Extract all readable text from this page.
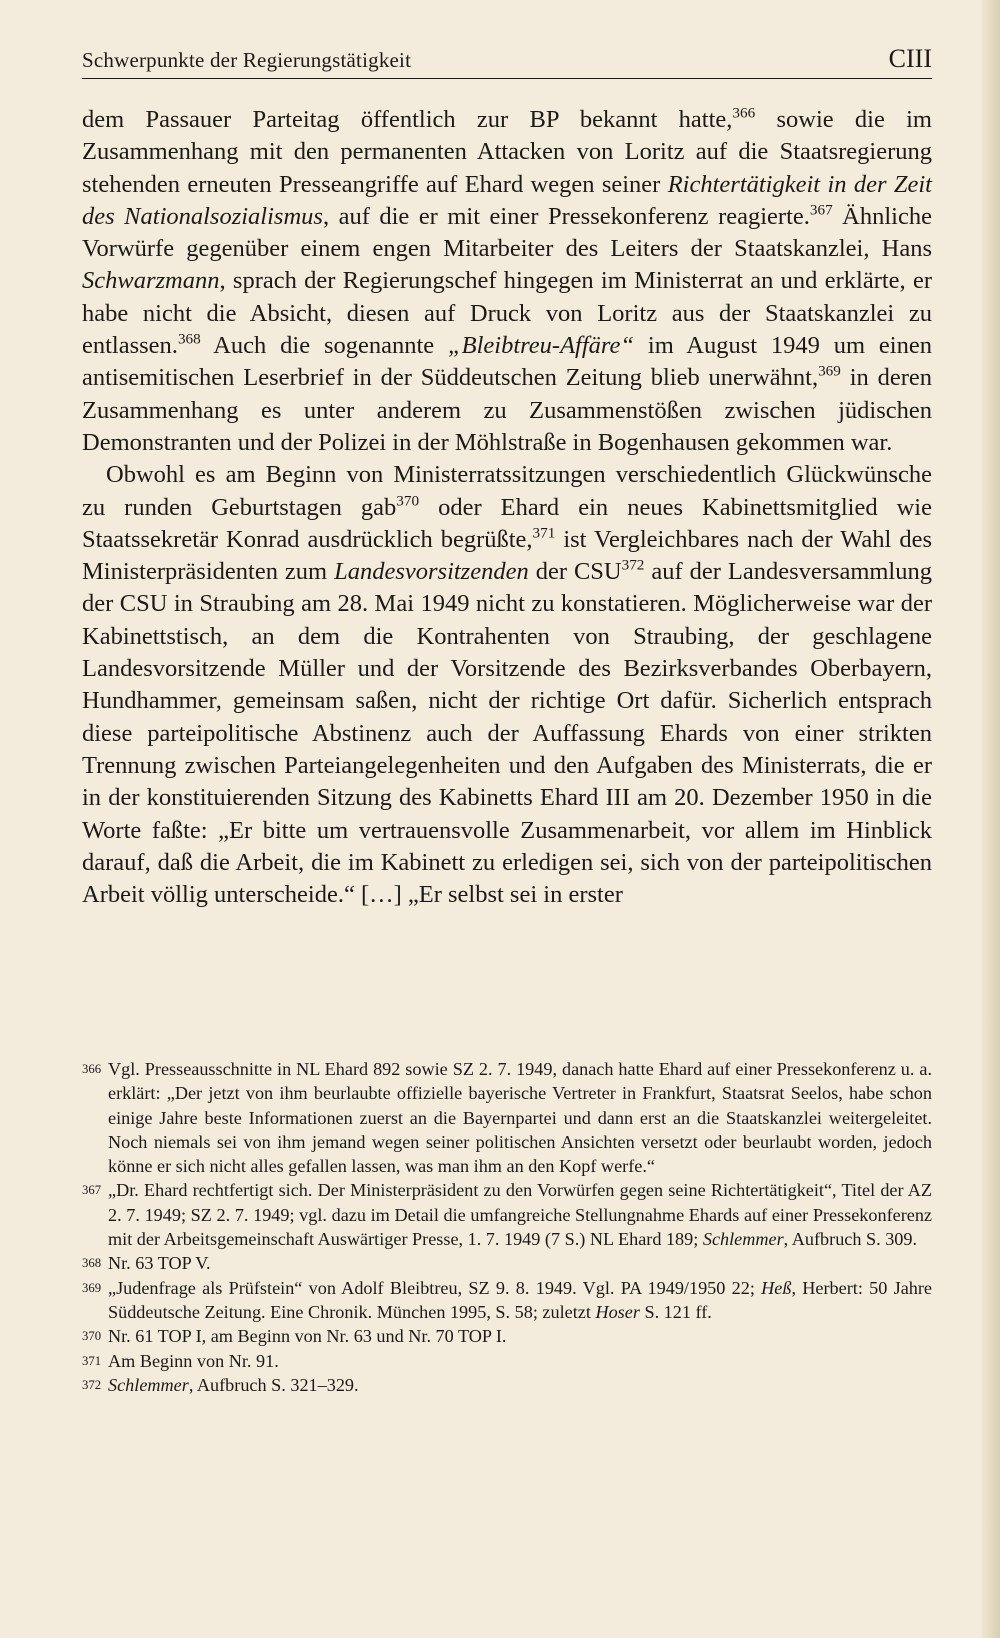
Schwerpunkte der Regierungstätigkeit	CIII

dem Passauer Parteitag öffentlich zur BP bekannt hatte,$^{366}$ sowie die im Zusammenhang mit den permanenten Attacken von Loritz auf die Staatsregierung stehenden erneuten Presseangriffe auf Ehard wegen seiner Richtertätigkeit in der Zeit des Nationalsozialismus, auf die er mit einer Pressekonferenz reagierte.$^{367}$ Ähnliche Vorwürfe gegenüber einem engen Mitarbeiter des Leiters der Staatskanzlei, Hans Schwarzmann, sprach der Regierungschef hingegen im Ministerrat an und erklärte, er habe nicht die Absicht, diesen auf Druck von Loritz aus der Staatskanzlei zu entlassen.$^{368}$ Auch die sogenannte „Bleibtreu-Affäre“ im August 1949 um einen antisemitischen Leserbrief in der Süddeutschen Zeitung blieb unerwähnt,$^{369}$ in deren Zusammenhang es unter anderem zu Zusammenstößen zwischen jüdischen Demonstranten und der Polizei in der Möhlstraße in Bogenhausen gekommen war.

Obwohl es am Beginn von Ministerratssitzungen verschiedentlich Glückwünsche zu runden Geburtstagen gab$^{370}$ oder Ehard ein neues Kabinettsmitglied wie Staatssekretär Konrad ausdrücklich begrüßte,$^{371}$ ist Vergleichbares nach der Wahl des Ministerpräsidenten zum Landesvorsitzenden der CSU$^{372}$ auf der Landesversammlung der CSU in Straubing am 28. Mai 1949 nicht zu konstatieren. Möglicherweise war der Kabinettstisch, an dem die Kontrahenten von Straubing, der geschlagene Landesvorsitzende Müller und der Vorsitzende des Bezirksverbandes Oberbayern, Hundhammer, gemeinsam saßen, nicht der richtige Ort dafür. Sicherlich entsprach diese parteipolitische Abstinenz auch der Auffassung Ehards von einer strikten Trennung zwischen Parteiangelegenheiten und den Aufgaben des Ministerrats, die er in der konstituierenden Sitzung des Kabinetts Ehard III am 20. Dezember 1950 in die Worte faßte: „Er bitte um vertrauensvolle Zusammenarbeit, vor allem im Hinblick darauf, daß die Arbeit, die im Kabinett zu erledigen sei, sich von der parteipolitischen Arbeit völlig unterscheide.“ […] „Er selbst sei in erster

366 Vgl. Presseausschnitte in NL Ehard 892 sowie SZ 2. 7. 1949, danach hatte Ehard auf einer Pressekonferenz u. a. erklärt: „Der jetzt von ihm beurlaubte offizielle bayerische Vertreter in Frankfurt, Staatsrat Seelos, habe schon einige Jahre beste Informationen zuerst an die Bayernpartei und dann erst an die Staatskanzlei weitergeleitet. Noch niemals sei von ihm jemand wegen seiner politischen Ansichten versetzt oder beurlaubt worden, jedoch könne er sich nicht alles gefallen lassen, was man ihm an den Kopf werfe.“

367 „Dr. Ehard rechtfertigt sich. Der Ministerpräsident zu den Vorwürfen gegen seine Richtertätigkeit“, Titel der AZ 2. 7. 1949; SZ 2. 7. 1949; vgl. dazu im Detail die umfangreiche Stellungnahme Ehards auf einer Pressekonferenz mit der Arbeitsgemeinschaft Auswärtiger Presse, 1. 7. 1949 (7 S.) NL Ehard 189; Schlemmer, Aufbruch S. 309.

368 Nr. 63 TOP V.

369 „Judenfrage als Prüfstein“ von Adolf Bleibtreu, SZ 9. 8. 1949. Vgl. PA 1949/1950 22; Heß, Herbert: 50 Jahre Süddeutsche Zeitung. Eine Chronik. München 1995, S. 58; zuletzt Hoser S. 121 ff.

370 Nr. 61 TOP I, am Beginn von Nr. 63 und Nr. 70 TOP I.

371 Am Beginn von Nr. 91.

372 Schlemmer, Aufbruch S. 321–329.
